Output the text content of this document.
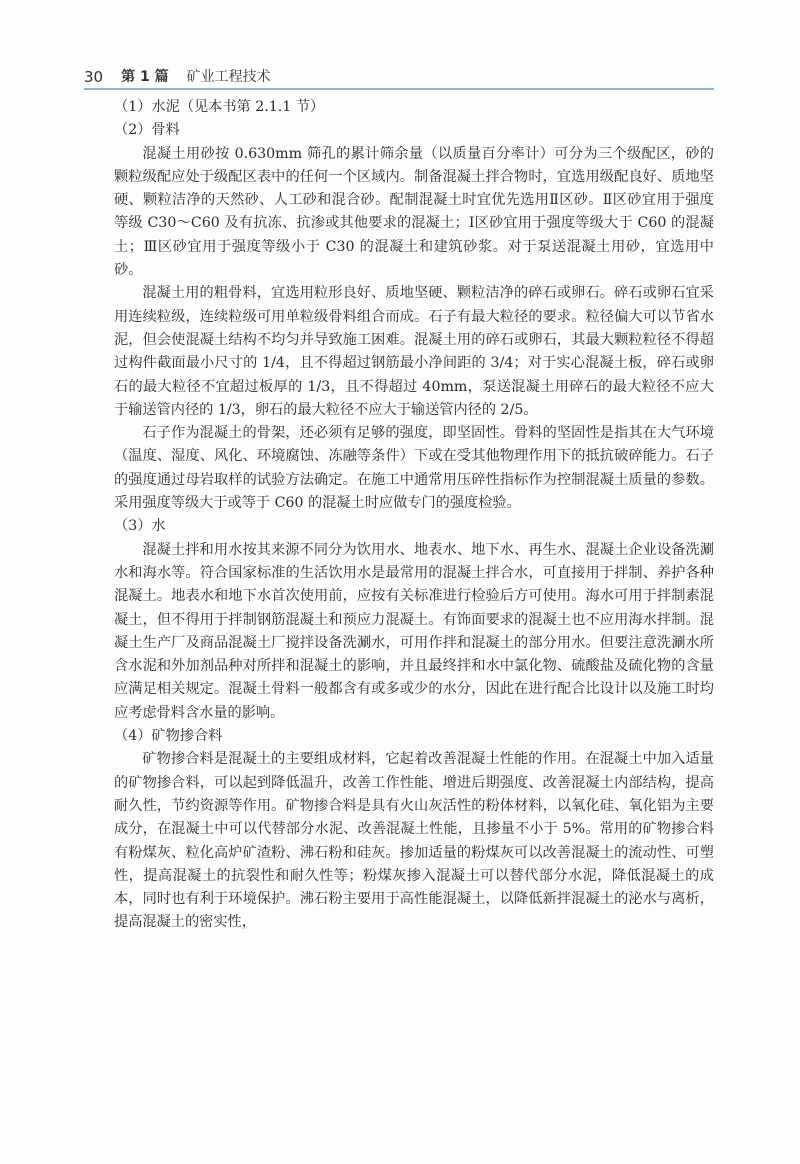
30 第 1 篇 矿业工程技术

（1）水泥（见本书第 2.1.1 节）

（2）骨料

混凝土用砂按 0.630mm 筛孔的累计筛余量（以质量百分率计）可分为三个级配区，砂的颗粒级配应处于级配区表中的任何一个区域内。制备混凝土拌合物时，宜选用级配良好、质地坚硬、颗粒洁净的天然砂、人工砂和混合砂。配制混凝土时宜优先选用Ⅱ区砂。Ⅱ区砂宜用于强度等级 C30～C60 及有抗冻、抗渗或其他要求的混凝土；Ⅰ区砂宜用于强度等级大于 C60 的混凝土；Ⅲ区砂宜用于强度等级小于 C30 的混凝土和建筑砂浆。对于泵送混凝土用砂，宜选用中砂。

混凝土用的粗骨料，宜选用粒形良好、质地坚硬、颗粒洁净的碎石或卵石。碎石或卵石宜采用连续粒级，连续粒级可用单粒级骨料组合而成。石子有最大粒径的要求。粒径偏大可以节省水泥，但会使混凝土结构不均匀并导致施工困难。混凝土用的碎石或卵石，其最大颗粒粒径不得超过构件截面最小尺寸的 1/4，且不得超过钢筋最小净间距的 3/4；对于实心混凝土板，碎石或卵石的最大粒径不宜超过板厚的 1/3，且不得超过 40mm，泵送混凝土用碎石的最大粒径不应大于输送管内径的 1/3，卵石的最大粒径不应大于输送管内径的 2/5。

石子作为混凝土的骨架，还必须有足够的强度，即坚固性。骨料的坚固性是指其在大气环境（温度、湿度、风化、环境腐蚀、冻融等条件）下或在受其他物理作用下的抵抗破碎能力。石子的强度通过母岩取样的试验方法确定。在施工中通常用压碎性指标作为控制混凝土质量的参数。采用强度等级大于或等于 C60 的混凝土时应做专门的强度检验。

（3）水

混凝土拌和用水按其来源不同分为饮用水、地表水、地下水、再生水、混凝土企业设备洗涮水和海水等。符合国家标准的生活饮用水是最常用的混凝土拌合水，可直接用于拌制、养护各种混凝土。地表水和地下水首次使用前，应按有关标准进行检验后方可使用。海水可用于拌制素混凝土，但不得用于拌制钢筋混凝土和预应力混凝土。有饰面要求的混凝土也不应用海水拌制。混凝土生产厂及商品混凝土厂搅拌设备洗涮水，可用作拌和混凝土的部分用水。但要注意洗涮水所含水泥和外加剂品种对所拌和混凝土的影响，并且最终拌和水中氯化物、硫酸盐及硫化物的含量应满足相关规定。混凝土骨料一般都含有或多或少的水分，因此在进行配合比设计以及施工时均应考虑骨料含水量的影响。

（4）矿物掺合料

矿物掺合料是混凝土的主要组成材料，它起着改善混凝土性能的作用。在混凝土中加入适量的矿物掺合料，可以起到降低温升，改善工作性能、增进后期强度、改善混凝土内部结构，提高耐久性，节约资源等作用。矿物掺合料是具有火山灰活性的粉体材料，以氧化硅、氧化铝为主要成分，在混凝土中可以代替部分水泥、改善混凝土性能，且掺量不小于 5%。常用的矿物掺合料有粉煤灰、粒化高炉矿渣粉、沸石粉和硅灰。掺加适量的粉煤灰可以改善混凝土的流动性、可塑性，提高混凝土的抗裂性和耐久性等；粉煤灰掺入混凝土可以替代部分水泥，降低混凝土的成本，同时也有利于环境保护。沸石粉主要用于高性能混凝土，以降低新拌混凝土的泌水与离析，提高混凝土的密实性，
